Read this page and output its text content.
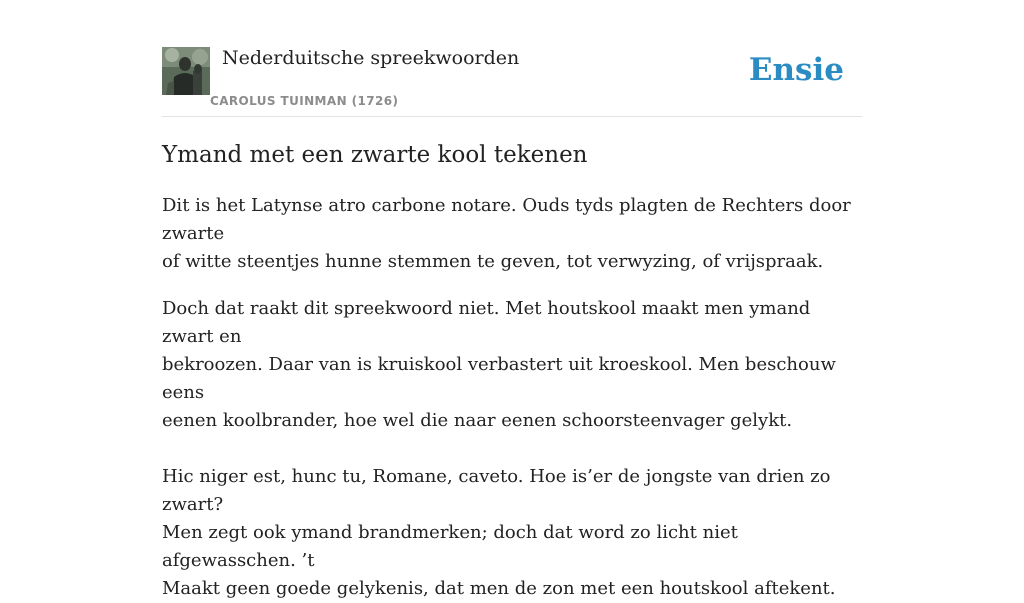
Nederduitsche spreekwoorden
CAROLUS TUINMAN (1726)
Ensie
Ymand met een zwarte kool tekenen

Dit is het Latynse atro carbone notare. Ouds tyds plagten de Rechters door zwarte
of witte steentjes hunne stemmen te geven, tot verwyzing, of vrijspraak.

Doch dat raakt dit spreekwoord niet. Met houtskool maakt men ymand zwart en
bekroozen. Daar van is kruiskool verbastert uit kroeskool. Men beschouw eens
eenen koolbrander, hoe wel die naar eenen schoorsteenvager gelykt.

Hic niger est, hunc tu, Romane, caveto. Hoe is’er de jongste van drien zo zwart?
Men zegt ook ymand brandmerken; doch dat word zo licht niet afgewasschen. ’t
Maakt geen goede gelykenis, dat men de zon met een houtskool aftekent.
